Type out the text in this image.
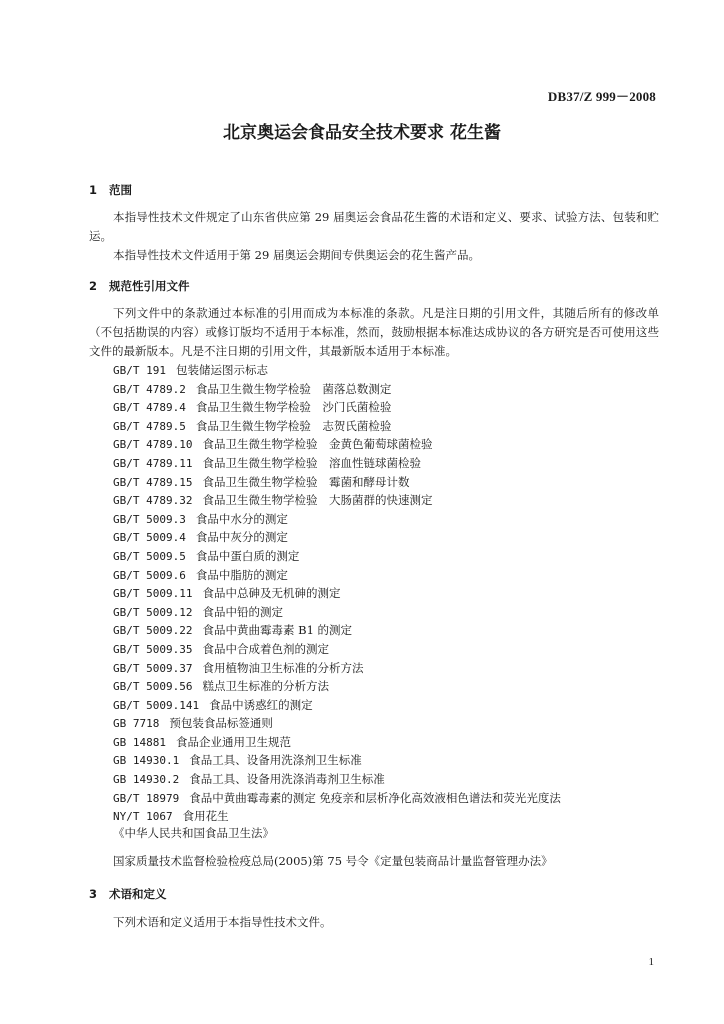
DB37/Z 999－2008
北京奥运会食品安全技术要求 花生酱
1 范围
本指导性技术文件规定了山东省供应第 29 届奥运会食品花生酱的术语和定义、要求、试验方法、包装和贮运。
本指导性技术文件适用于第 29 届奥运会期间专供奥运会的花生酱产品。
2 规范性引用文件
下列文件中的条款通过本标准的引用而成为本标准的条款。凡是注日期的引用文件，其随后所有的修改单（不包括勘误的内容）或修订版均不适用于本标准，然而，鼓励根据本标准达成协议的各方研究是否可使用这些文件的最新版本。凡是不注日期的引用文件，其最新版本适用于本标准。
GB/T 191 包装储运图示标志
GB/T 4789.2 食品卫生微生物学检验　菌落总数测定
GB/T 4789.4 食品卫生微生物学检验　沙门氏菌检验
GB/T 4789.5 食品卫生微生物学检验　志贺氏菌检验
GB/T 4789.10 食品卫生微生物学检验　金黄色葡萄球菌检验
GB/T 4789.11 食品卫生微生物学检验　溶血性链球菌检验
GB/T 4789.15 食品卫生微生物学检验　霉菌和酵母计数
GB/T 4789.32 食品卫生微生物学检验　大肠菌群的快速测定
GB/T 5009.3 食品中水分的测定
GB/T 5009.4 食品中灰分的测定
GB/T 5009.5 食品中蛋白质的测定
GB/T 5009.6 食品中脂肪的测定
GB/T 5009.11 食品中总砷及无机砷的测定
GB/T 5009.12 食品中铅的测定
GB/T 5009.22 食品中黄曲霉毒素 B1 的测定
GB/T 5009.35 食品中合成着色剂的测定
GB/T 5009.37 食用植物油卫生标准的分析方法
GB/T 5009.56 糕点卫生标准的分析方法
GB/T 5009.141 食品中诱惑红的测定
GB 7718 预包装食品标签通则
GB 14881 食品企业通用卫生规范
GB 14930.1 食品工具、设备用洗涤剂卫生标准
GB 14930.2 食品工具、设备用洗涤消毒剂卫生标准
GB/T 18979 食品中黄曲霉毒素的测定 免疫亲和层析净化高效液相色谱法和荧光光度法
NY/T 1067 食用花生
《中华人民共和国食品卫生法》
国家质量技术监督检验检疫总局(2005)第 75 号令《定量包装商品计量监督管理办法》
3 术语和定义
下列术语和定义适用于本指导性技术文件。
1
